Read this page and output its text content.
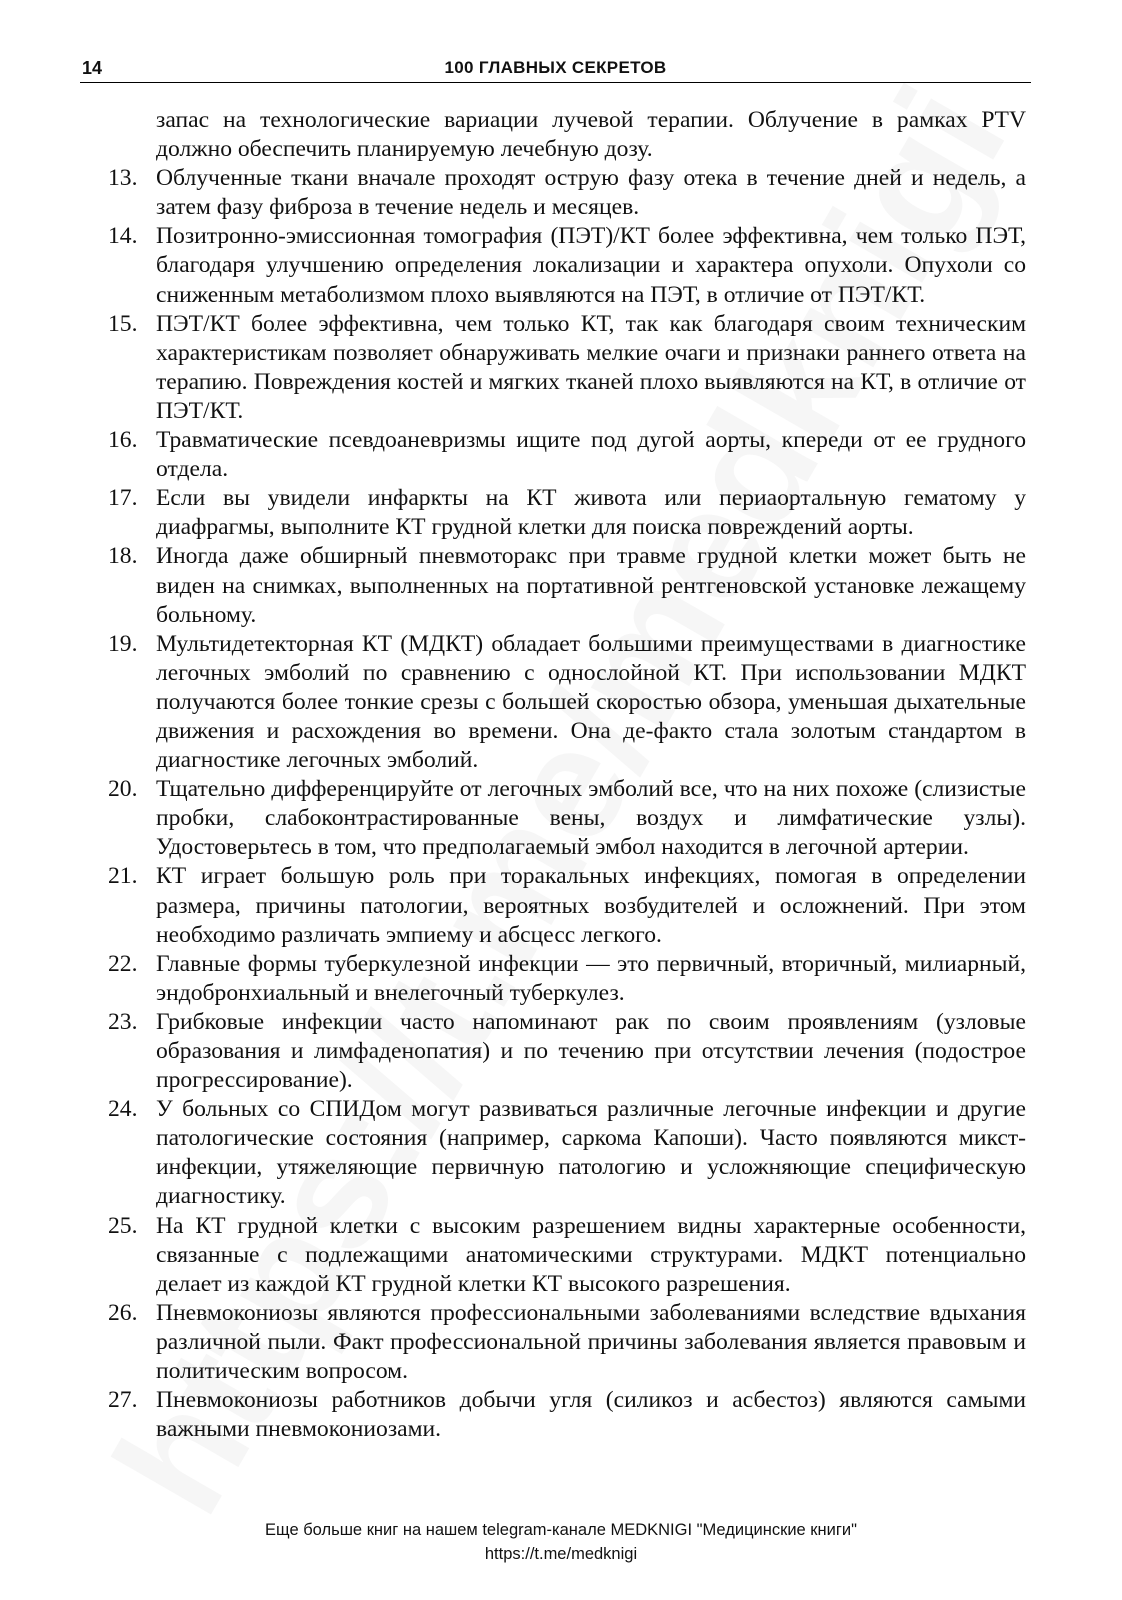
14	100 ГЛАВНЫХ СЕКРЕТОВ

запас на технологические вариации лучевой терапии. Облучение в рамках PTV должно обеспечить планируемую лечебную дозу.

13. Облученные ткани вначале проходят острую фазу отека в течение дней и недель, а затем фазу фиброза в течение недель и месяцев.

14. Позитронно-эмиссионная томография (ПЭТ)/КТ более эффективна, чем только ПЭТ, благодаря улучшению определения локализации и характера опухоли. Опухоли со сниженным метаболизмом плохо выявляются на ПЭТ, в отличие от ПЭТ/КТ.

15. ПЭТ/КТ более эффективна, чем только КТ, так как благодаря своим техническим характеристикам позволяет обнаруживать мелкие очаги и признаки раннего ответа на терапию. Повреждения костей и мягких тканей плохо выявляются на КТ, в отличие от ПЭТ/КТ.

16. Травматические псевдоаневризмы ищите под дугой аорты, кпереди от ее грудного отдела.

17. Если вы увидели инфаркты на КТ живота или периаортальную гематому у диафрагмы, выполните КТ грудной клетки для поиска повреждений аорты.

18. Иногда даже обширный пневмоторакс при травме грудной клетки может быть не виден на снимках, выполненных на портативной рентгеновской установке лежащему больному.

19. Мультидетекторная КТ (МДКТ) обладает большими преимуществами в диагностике легочных эмболий по сравнению с однослойной КТ. При использовании МДКТ получаются более тонкие срезы с большей скоростью обзора, уменьшая дыхательные движения и расхождения во времени. Она де-факто стала золотым стандартом в диагностике легочных эмболий.

20. Тщательно дифференцируйте от легочных эмболий все, что на них похоже (слизистые пробки, слабоконтрастированные вены, воздух и лимфатические узлы). Удостоверьтесь в том, что предполагаемый эмбол находится в легочной артерии.

21. КТ играет большую роль при торакальных инфекциях, помогая в определении размера, причины патологии, вероятных возбудителей и осложнений. При этом необходимо различать эмпиему и абсцесс легкого.

22. Главные формы туберкулезной инфекции — это первичный, вторичный, милиарный, эндобронхиальный и внелегочный туберкулез.

23. Грибковые инфекции часто напоминают рак по своим проявлениям (узловые образования и лимфаденопатия) и по течению при отсутствии лечения (подострое прогрессирование).

24. У больных со СПИДом могут развиваться различные легочные инфекции и другие патологические состояния (например, саркома Капоши). Часто появляются микст-инфекции, утяжеляющие первичную патологию и усложняющие специфическую диагностику.

25. На КТ грудной клетки с высоким разрешением видны характерные особенности, связанные с подлежащими анатомическими структурами. МДКТ потенциально делает из каждой КТ грудной клетки КТ высокого разрешения.

26. Пневмокониозы являются профессиональными заболеваниями вследствие вдыхания различной пыли. Факт профессиональной причины заболевания является правовым и политическим вопросом.

27. Пневмокониозы работников добычи угля (силикоз и асбестоз) являются самыми важными пневмокониозами.

Еще больше книг на нашем telegram-канале MEDKNIGI "Медицинские книги"
https://t.me/medknigi
